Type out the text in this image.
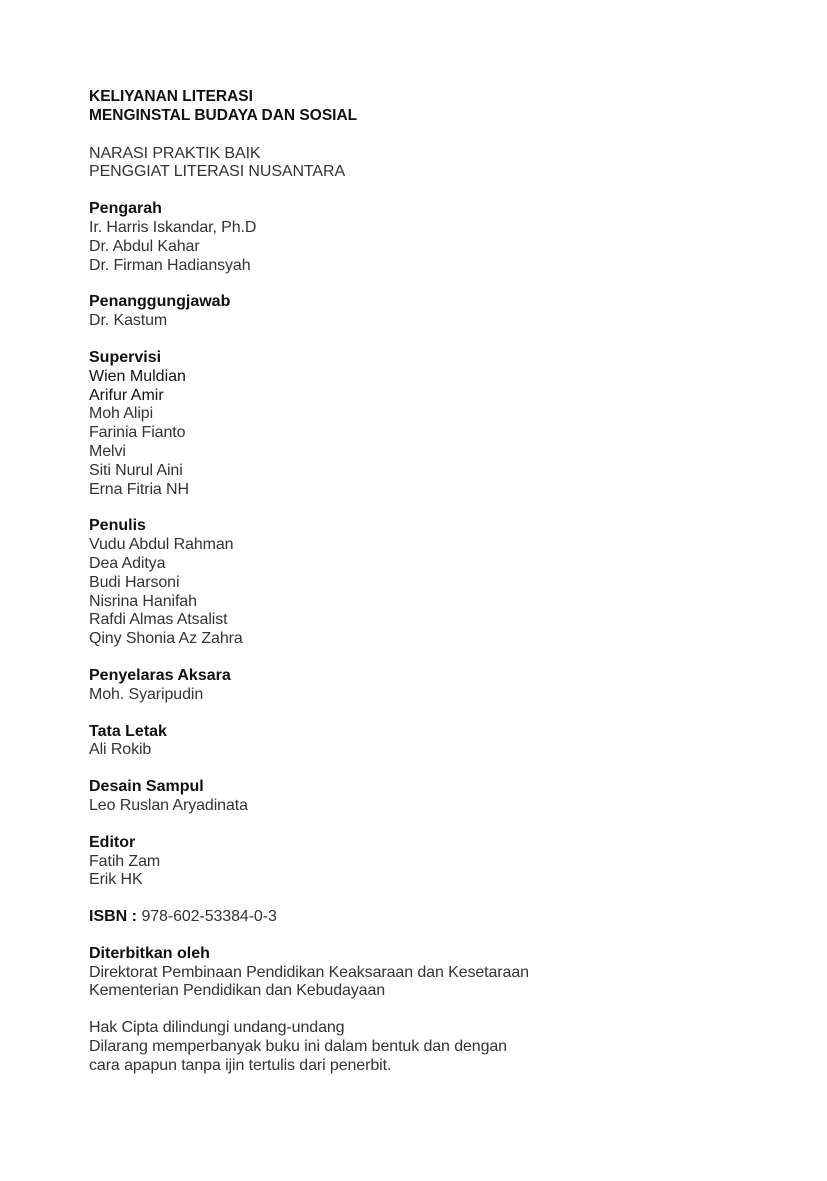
KELIYANAN LITERASI
MENGINSTAL BUDAYA DAN SOSIAL
NARASI PRAKTIK BAIK
PENGGIAT LITERASI NUSANTARA
Pengarah
Ir. Harris Iskandar, Ph.D
Dr. Abdul Kahar
Dr. Firman Hadiansyah
Penanggungjawab
Dr. Kastum
Supervisi
Wien Muldian
Arifur Amir
Moh Alipi
Farinia Fianto
Melvi
Siti Nurul Aini
Erna Fitria NH
Penulis
Vudu Abdul Rahman
Dea Aditya
Budi Harsoni
Nisrina Hanifah
Rafdi Almas Atsalist
Qiny Shonia Az Zahra
Penyelaras Aksara
Moh. Syaripudin
Tata Letak
Ali Rokib
Desain Sampul
Leo Ruslan Aryadinata
Editor
Fatih Zam
Erik HK
ISBN : 978-602-53384-0-3
Diterbitkan oleh
Direktorat Pembinaan Pendidikan Keaksaraan dan Kesetaraan
Kementerian Pendidikan dan Kebudayaan
Hak Cipta dilindungi undang-undang
Dilarang memperbanyak buku ini dalam bentuk dan dengan
cara apapun tanpa ijin tertulis dari penerbit.
